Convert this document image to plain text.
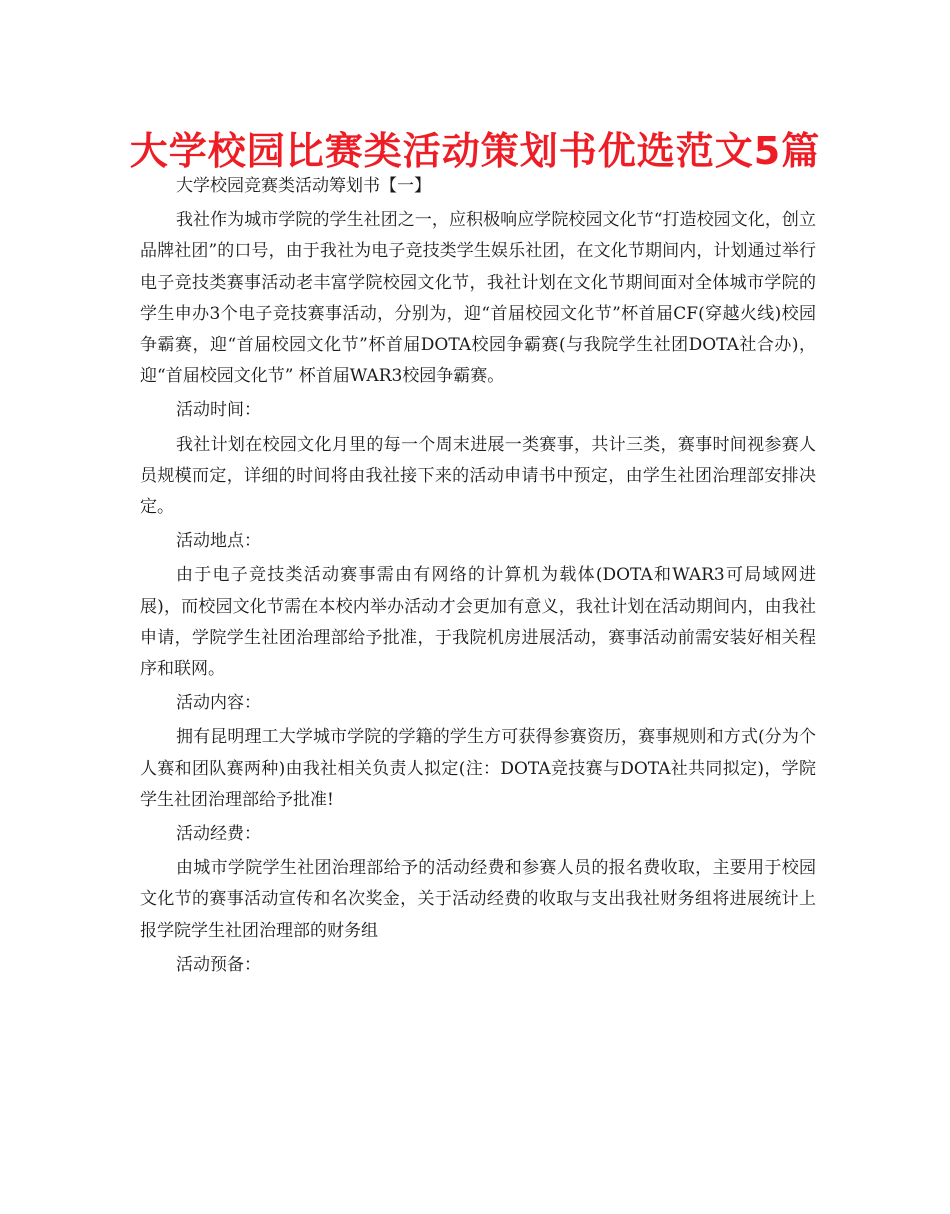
大学校园比赛类活动策划书优选范文5篇
大学校园竞赛类活动筹划书【一】

我社作为城市学院的学生社团之一，应积极响应学院校园文化节“打造校园文化，创立品牌社团”的口号，由于我社为电子竞技类学生娱乐社团，在文化节期间内，计划通过举行电子竞技类赛事活动老丰富学院校园文化节，我社计划在文化节期间面对全体城市学院的学生申办3个电子竞技赛事活动，分别为，迎“首届校园文化节”杯首届CF(穿越火线)校园争霸赛，迎“首届校园文化节”杯首届DOTA校园争霸赛(与我院学生社团DOTA社合办)，迎“首届校园文化节” 杯首届WAR3校园争霸赛。

活动时间：

我社计划在校园文化月里的每一个周末进展一类赛事，共计三类，赛事时间视参赛人员规模而定，详细的时间将由我社接下来的活动申请书中预定，由学生社团治理部安排决定。

活动地点：

由于电子竞技类活动赛事需由有网络的计算机为载体(DOTA和WAR3可局域网进展)，而校园文化节需在本校内举办活动才会更加有意义，我社计划在活动期间内，由我社申请，学院学生社团治理部给予批准，于我院机房进展活动，赛事活动前需安装好相关程序和联网。

活动内容：

拥有昆明理工大学城市学院的学籍的学生方可获得参赛资历，赛事规则和方式(分为个人赛和团队赛两种)由我社相关负责人拟定(注：DOTA竞技赛与DOTA社共同拟定)，学院学生社团治理部给予批准!

活动经费：

由城市学院学生社团治理部给予的活动经费和参赛人员的报名费收取，主要用于校园文化节的赛事活动宣传和名次奖金，关于活动经费的收取与支出我社财务组将进展统计上报学院学生社团治理部的财务组

活动预备：
